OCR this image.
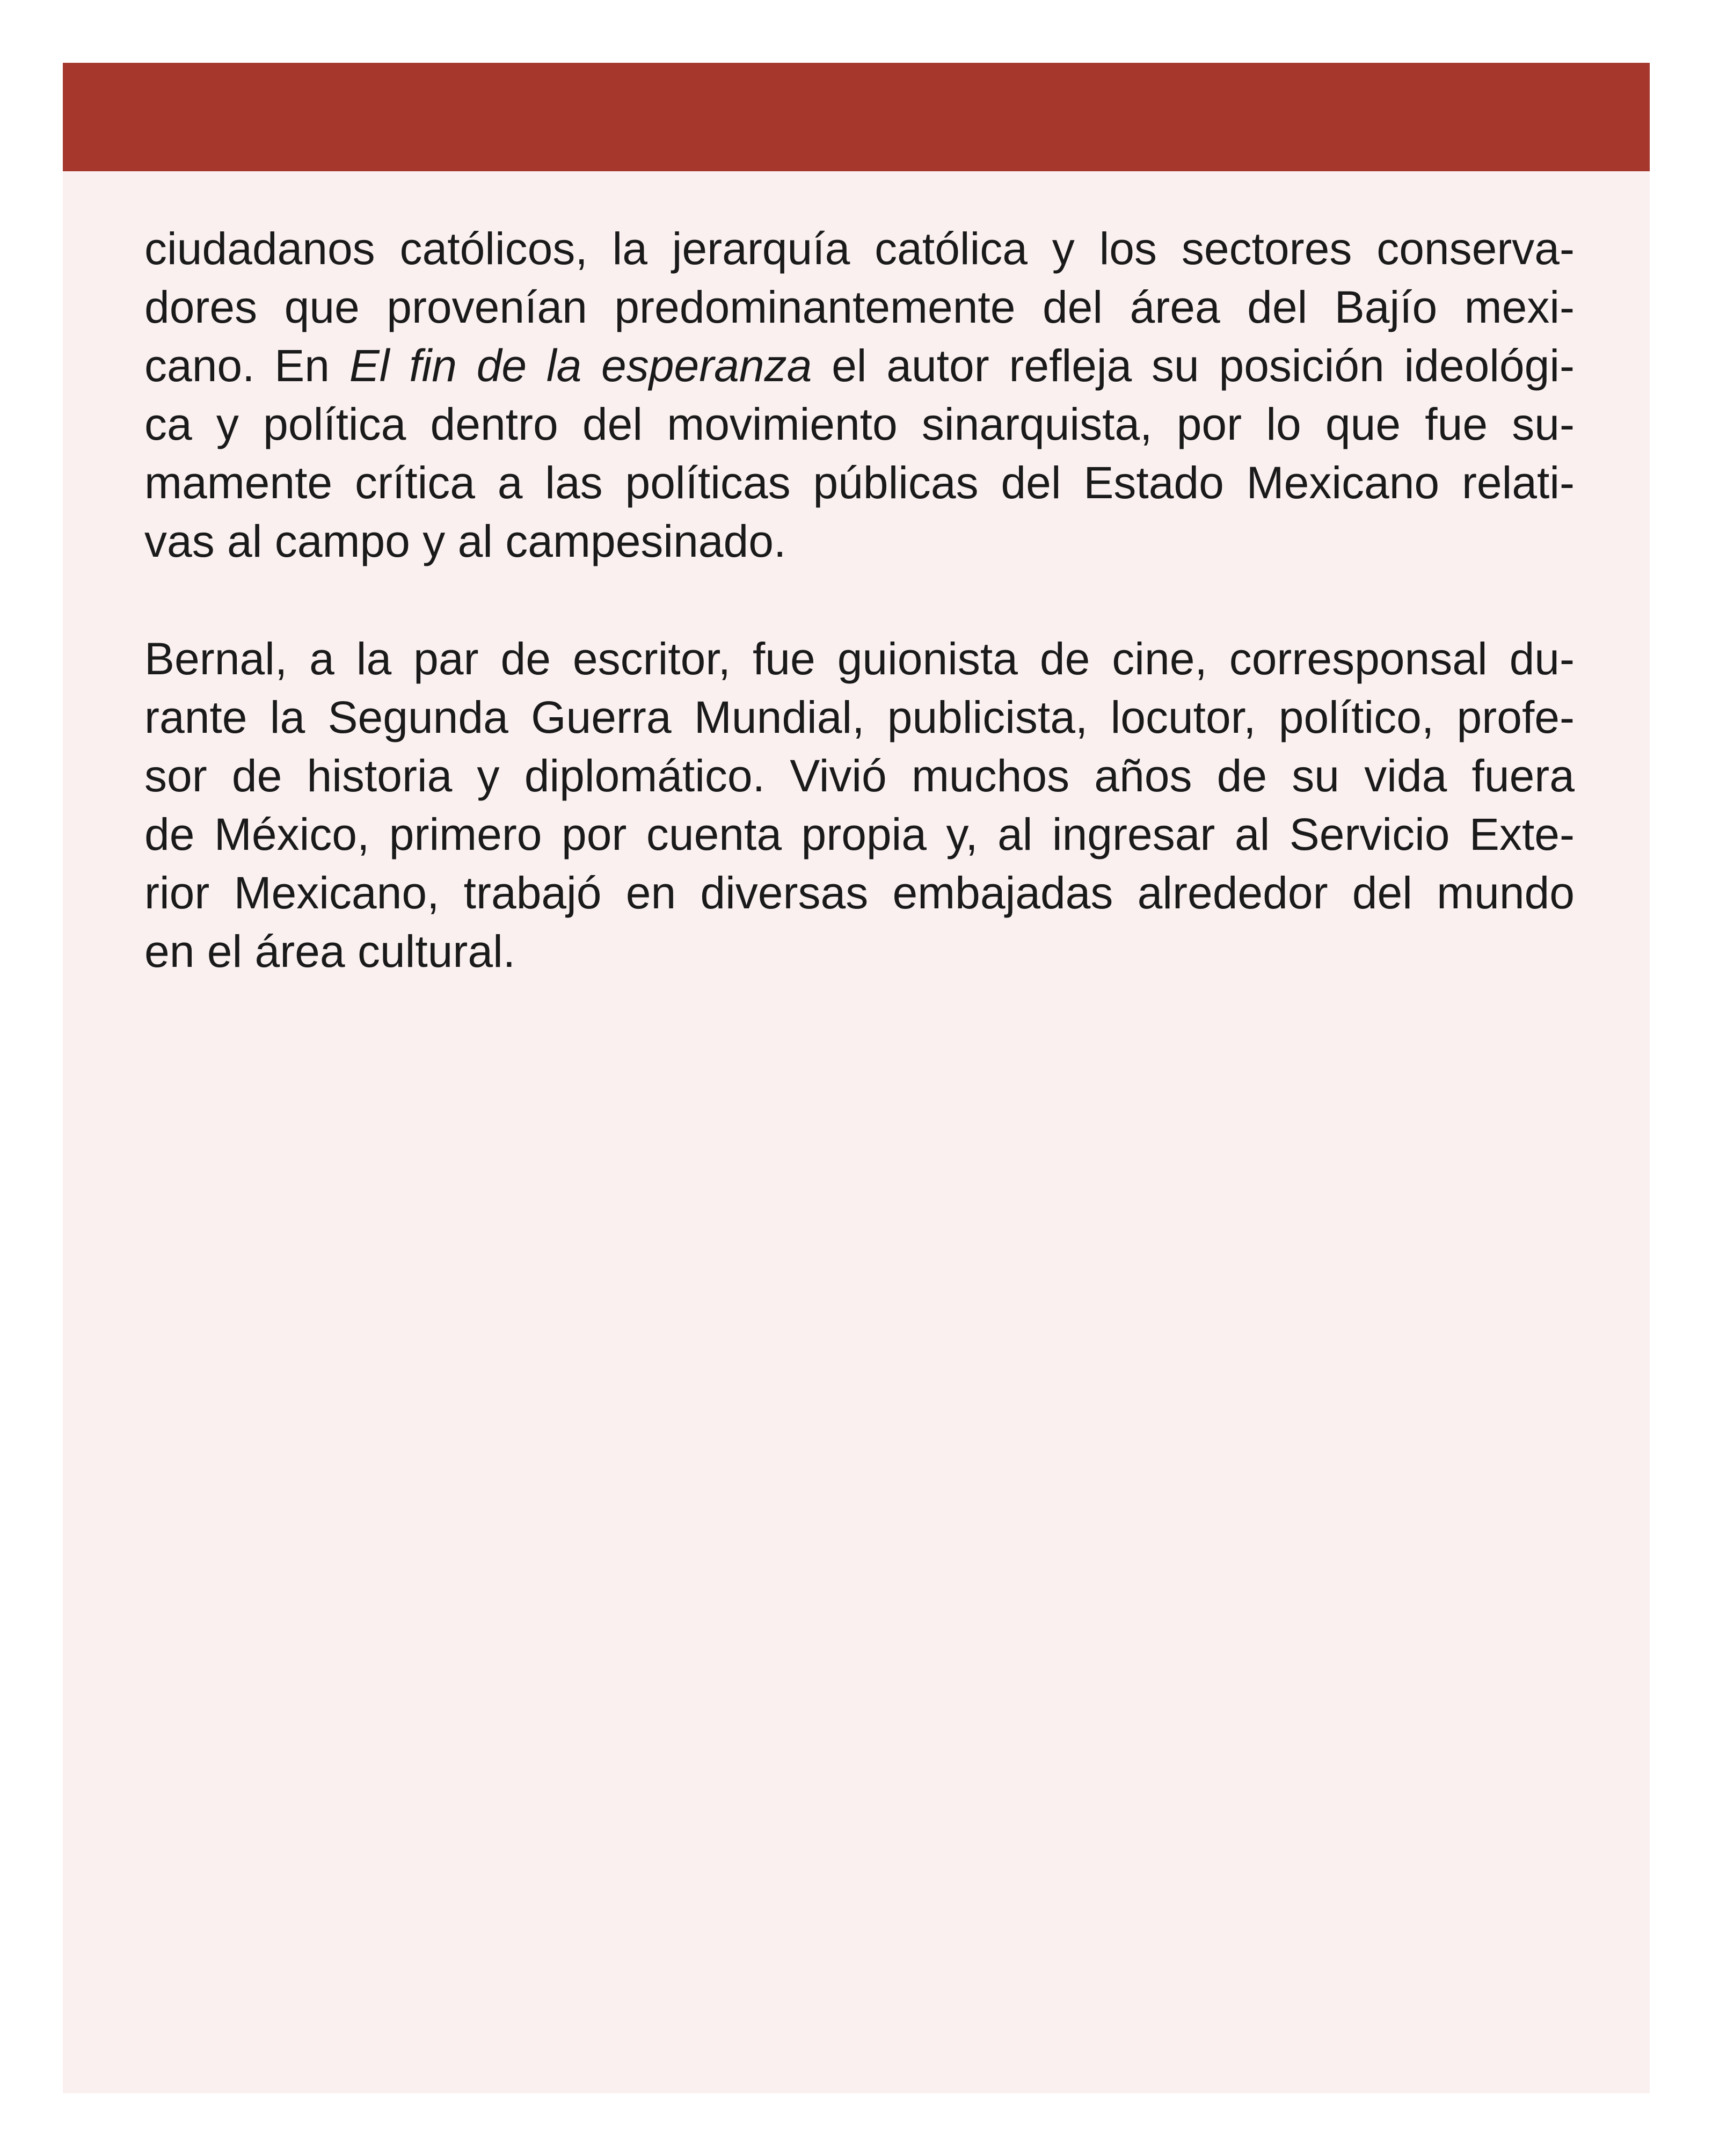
ciudadanos católicos, la jerarquía católica y los sectores conserva-
dores que provenían predominantemente del área del Bajío mexi-
cano. En El fin de la esperanza el autor refleja su posición ideológi-
ca y política dentro del movimiento sinarquista, por lo que fue su-
mamente crítica a las políticas públicas del Estado Mexicano relati-
vas al campo y al campesinado.
Bernal, a la par de escritor, fue guionista de cine, corresponsal du-
rante la Segunda Guerra Mundial, publicista, locutor, político, profe-
sor de historia y diplomático. Vivió muchos años de su vida fuera
de México, primero por cuenta propia y, al ingresar al Servicio Exte-
rior Mexicano, trabajó en diversas embajadas alrededor del mundo
en el área cultural.
